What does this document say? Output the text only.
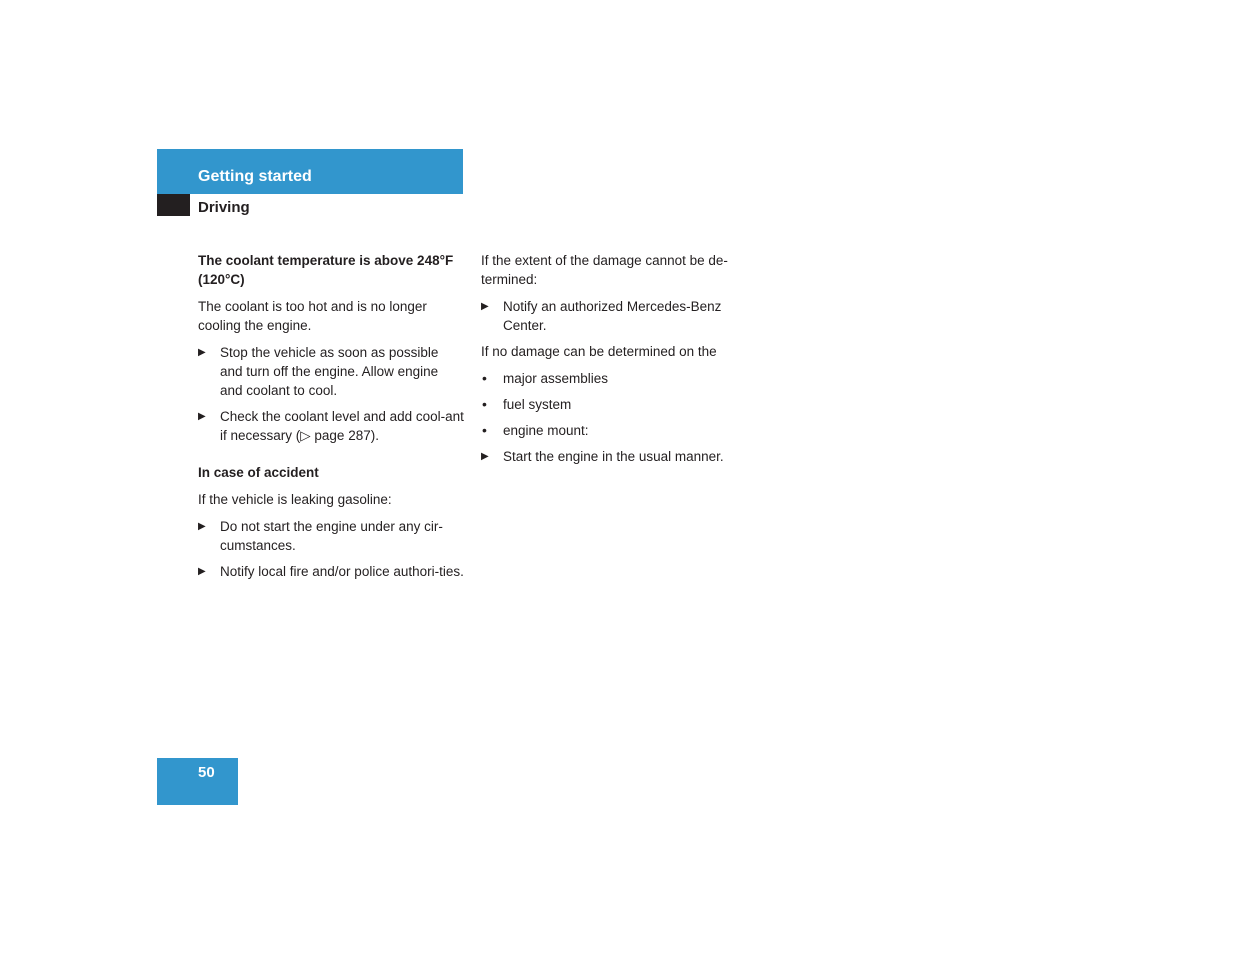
Getting started
Driving
The coolant temperature is above 248°F (120°C)
The coolant is too hot and is no longer cooling the engine.
▶ Stop the vehicle as soon as possible and turn off the engine. Allow engine and coolant to cool.
▶ Check the coolant level and add cool-ant if necessary (▷ page 287).
In case of accident
If the vehicle is leaking gasoline:
▶ Do not start the engine under any cir-cumstances.
▶ Notify local fire and/or police authori-ties.
If the extent of the damage cannot be de-termined:
▶ Notify an authorized Mercedes-Benz Center.
If no damage can be determined on the
• major assemblies
• fuel system
• engine mount:
▶ Start the engine in the usual manner.
50
